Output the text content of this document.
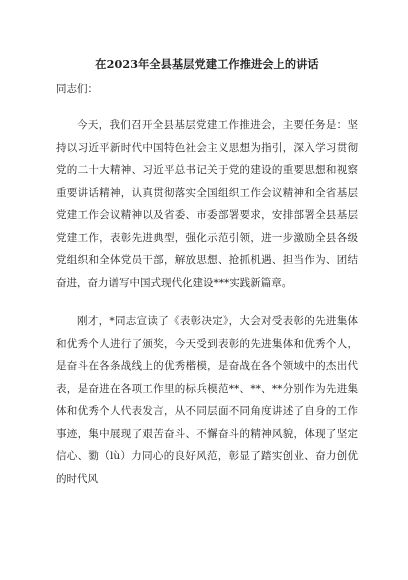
在2023年全县基层党建工作推进会上的讲话
同志们：

今天，我们召开全县基层党建工作推进会，主要任务是：坚持以习近平新时代中国特色社会主义思想为指引，深入学习贯彻党的二十大精神、习近平总书记关于党的建设的重要思想和视察重要讲话精神，认真贯彻落实全国组织工作会议精神和全省基层党建工作会议精神以及省委、市委部署要求，安排部署全县基层党建工作，表彰先进典型，强化示范引领，进一步激励全县各级党组织和全体党员干部，解放思想、抢抓机遇、担当作为、团结奋进，奋力谱写中国式现代化建设***实践新篇章。

刚才，*同志宣读了《表彰决定》，大会对受表彰的先进集体和优秀个人进行了颁奖，今天受到表彰的先进集体和优秀个人，是奋斗在各条战线上的优秀楷模，是奋战在各个领域中的杰出代表，是奋进在各项工作里的标兵模范**、**、**分别作为先进集体和优秀个人代表发言，从不同层面不同角度讲述了自身的工作事迹，集中展现了艰苦奋斗、不懈奋斗的精神风貌，体现了坚定信心、勠（lù）力同心的良好风范，彰显了踏实创业、奋力创优的时代风
